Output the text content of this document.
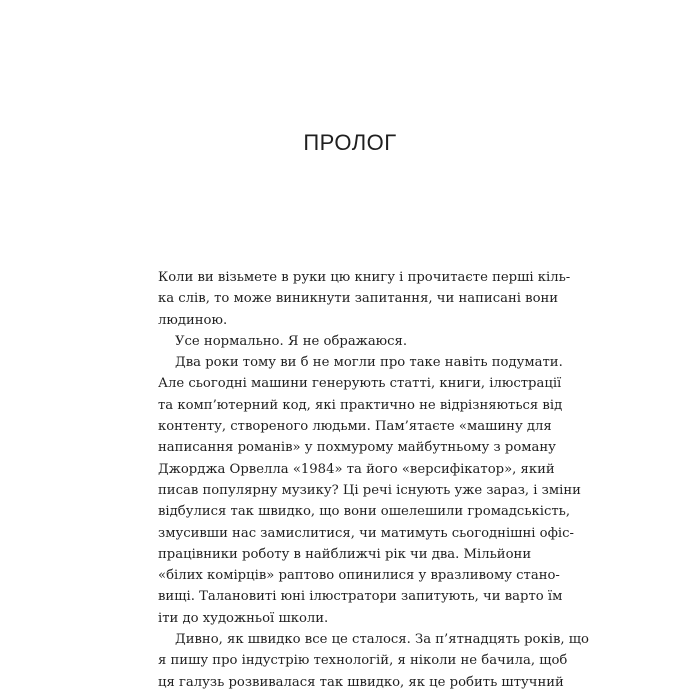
ПРОЛОГ
Коли ви візьмете в руки цю книгу і прочитаєте перші кіль-
ка слів, то може виникнути запитання, чи написані вони
людиною.
Усе нормально. Я не ображаюся.
Два роки тому ви б не могли про таке навіть подумати.
Але сьогодні машини генерують статті, книги, ілюстрації
та комп’ютерний код, які практично не відрізняються від
контенту, створеного людьми. Пам’ятаєте «машину для
написання романів» у похмурому майбутньому з роману
Джорджа Орвелла «1984» та його «версифікатор», який
писав популярну музику? Ці речі існують уже зараз, і зміни
відбулися так швидко, що вони ошелешили громадськість,
змусивши нас замислитися, чи матимуть сьогоднішні офіс-
працівники роботу в найближчі рік чи два. Мільйони
«білих комірців» раптово опинилися у вразливому стано-
вищі. Талановиті юні ілюстратори запитують, чи варто їм
іти до художньої школи.
Дивно, як швидко все це сталося. За п’ятнадцять років, що
я пишу про індустрію технологій, я ніколи не бачила, щоб
ця галузь розвивалася так швидко, як це робить штучний
